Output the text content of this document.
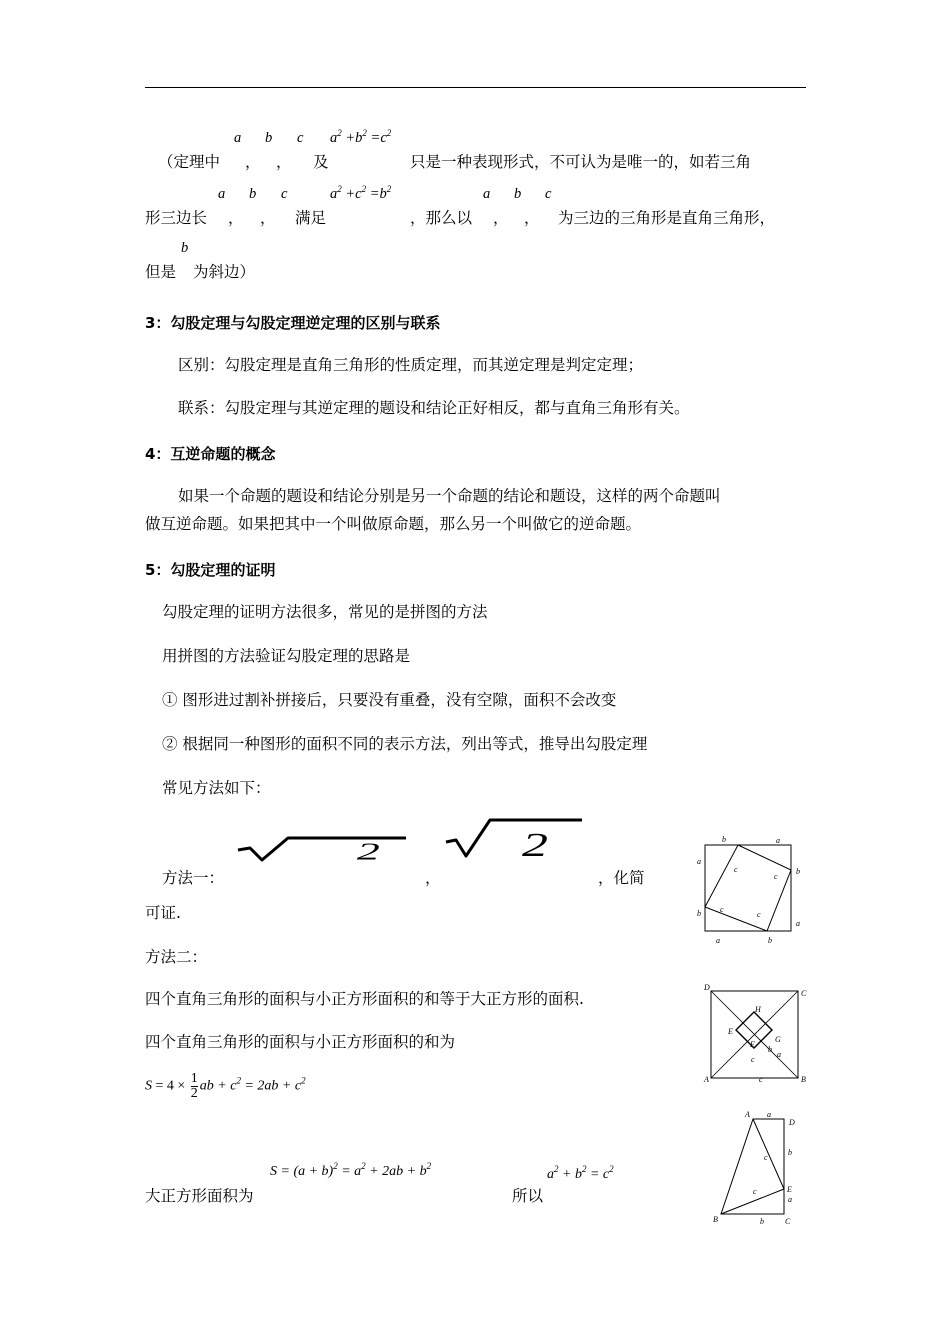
a b c $a^2 +b^2 =c^2$
（定理中 ， ， 及	只是一种表现形式，不可认为是唯一的，如若三角
a b c	$a^2 +c^2 =b^2$	a b c
形三边长 ， ， 满足	，那么以 ， ， 为三边的三角形是直角三角形，
b
但是 为斜边）
3：勾股定理与勾股定理逆定理的区别与联系
区别：勾股定理是直角三角形的性质定理，而其逆定理是判定定理；
联系：勾股定理与其逆定理的题设和结论正好相反，都与直角三角形有关。
4：互逆命题的概念
如果一个命题的题设和结论分别是另一个命题的结论和题设，这样的两个命题叫
做互逆命题。如果把其中一个叫做原命题，那么另一个叫做它的逆命题。
5：勾股定理的证明
勾股定理的证明方法很多，常见的是拼图的方法
用拼图的方法验证勾股定理的思路是
① 图形进过割补拼接后，只要没有重叠，没有空隙，面积不会改变
② 根据同一种图形的面积不同的表示方法，列出等式，推导出勾股定理
常见方法如下：
2	2
方法一：	，	，化简
可证.
b	a
a
b
b
a
a	b
c
c
c
c
方法二：
四个直角三角形的面积与小正方形面积的和等于大正方形的面积.
四个直角三角形的面积与小正方形面积的和为
$S = 4 \times \frac{1}{2}$ ab + $c^2 = 2ab + c^2$
D
C
A	B
H
E
G
F
a
b
c
c
$S = (a + b)^2 = a^2 + 2ab + b^2$
$a^2 + b^2 = c^2$
大正方形面积为	所以
A a
D
c
b
c	E
a
B	b	C
